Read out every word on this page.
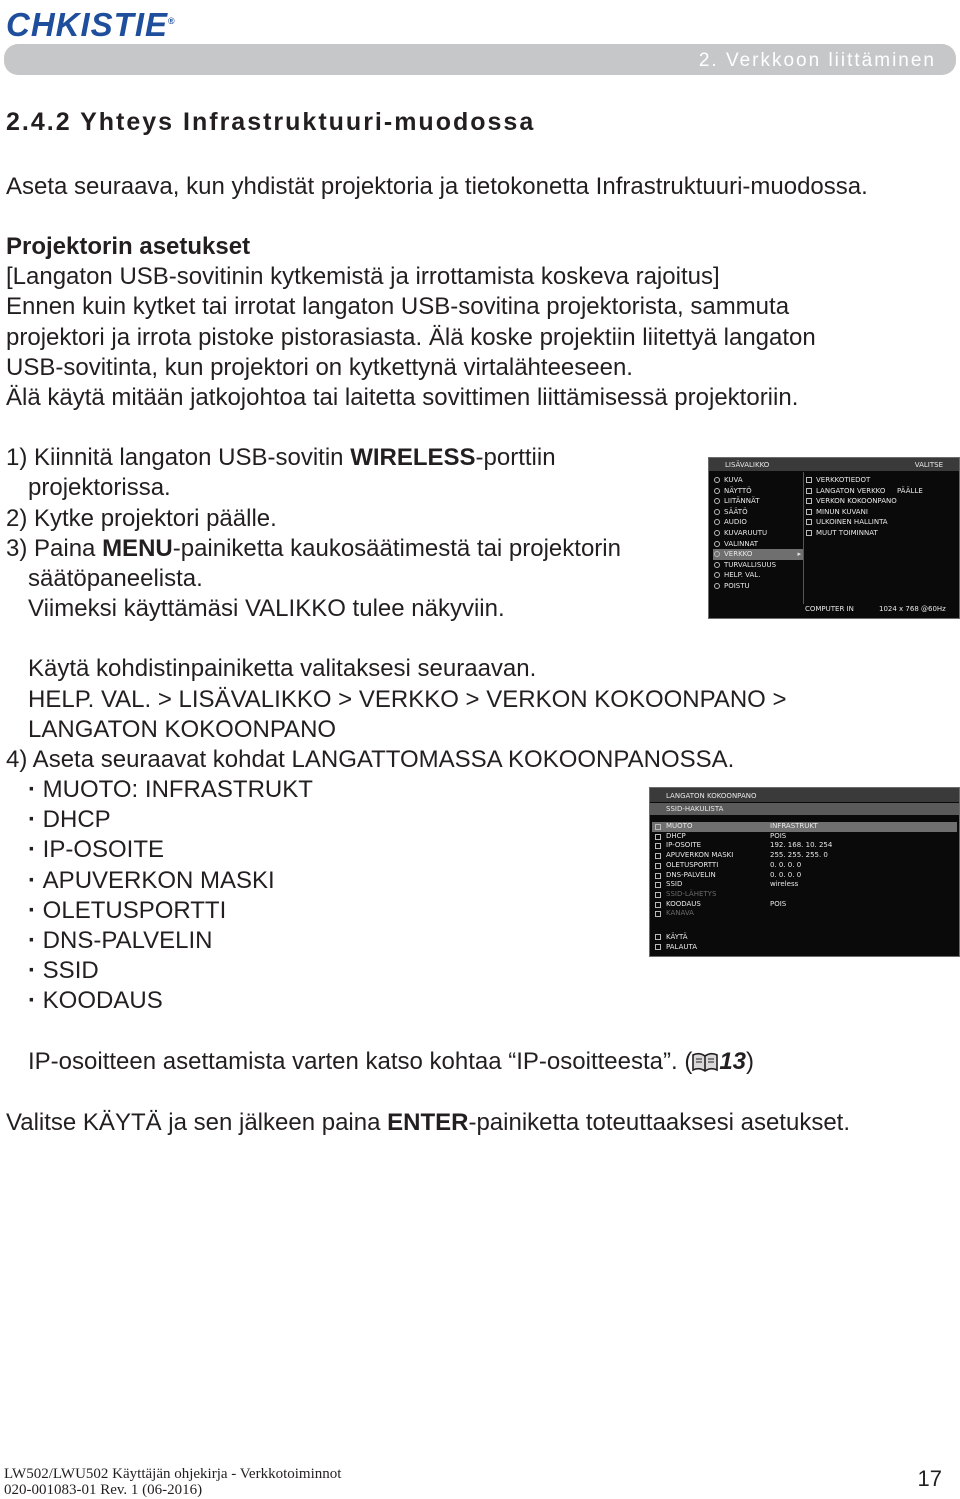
CHKISTIE®
2. Verkkoon liittäminen
2.4.2 Yhteys Infrastruktuuri-muodossa
Aseta seuraava, kun yhdistät projektoria ja tietokonetta Infrastruktuuri-muodossa.
Projektorin asetukset
[Langaton USB-sovitinin kytkemistä ja irrottamista koskeva rajoitus]
Ennen kuin kytket tai irrotat langaton USB-sovitina projektorista, sammuta
projektori ja irrota pistoke pistorasiasta. Älä koske projektiin liitettyä langaton
USB-sovitinta, kun projektori on kytkettynä virtalähteeseen.
Älä käytä mitään jatkojohtoa tai laitetta sovittimen liittämisessä projektoriin.
1) Kiinnitä langaton USB-sovitin WIRELESS-porttiin
projektorissa.
2) Kytke projektori päälle.
3) Paina MENU-painiketta kaukosäätimestä tai projektorin
säätöpaneelista.
Viimeksi käyttämäsi VALIKKO tulee näkyviin.
LISÄVALIKKO	VALITSE
KUVA
NÄYTTÖ
LIITÄNNÄT
SÄÄTÖ
AUDIO
KUVARUUTU
VALINNAT
VERKKO	▸
TURVALLISUUS
HELP. VAL.
POISTU
VERKKOTIEDOT
LANGATON VERKKO PÄÄLLE
VERKON KOKOONPANO
MINUN KUVANI
ULKOINEN HALLINTA
MUUT TOIMINNAT
COMPUTER IN	1024 x 768 @60Hz
Käytä kohdistinpainiketta valitaksesi seuraavan.
HELP. VAL. > LISÄVALIKKO > VERKKO > VERKON KOKOONPANO >
LANGATON KOKOONPANO
4) Aseta seuraavat kohdat LANGATTOMASSA KOKOONPANOSSA.
· MUOTO: INFRASTRUKT
· DHCP
· IP-OSOITE
· APUVERKON MASKI
· OLETUSPORTTI
· DNS-PALVELIN
· SSID
· KOODAUS
LANGATON KOKOONPANO
SSID-HAKULISTA
MUOTO	INFRASTRUKT
DHCP	POIS
IP-OSOITE	192. 168. 10. 254
APUVERKON MASKI	255. 255. 255. 0
OLETUSPORTTI	0. 0. 0. 0
DNS-PALVELIN	0. 0. 0. 0
SSID	wireless
SSID-LÄHETYS
KOODAUS	POIS
KANAVA
KÄYTÄ
PALAUTA
IP-osoitteen asettamista varten katso kohtaa “IP-osoitteesta”. ( 13)
Valitse KÄYTÄ ja sen jälkeen paina ENTER-painiketta toteuttaaksesi asetukset.
LW502/LWU502 Käyttäjän ohjekirja - Verkkotoiminnot
020-001083-01 Rev. 1 (06-2016)	17
